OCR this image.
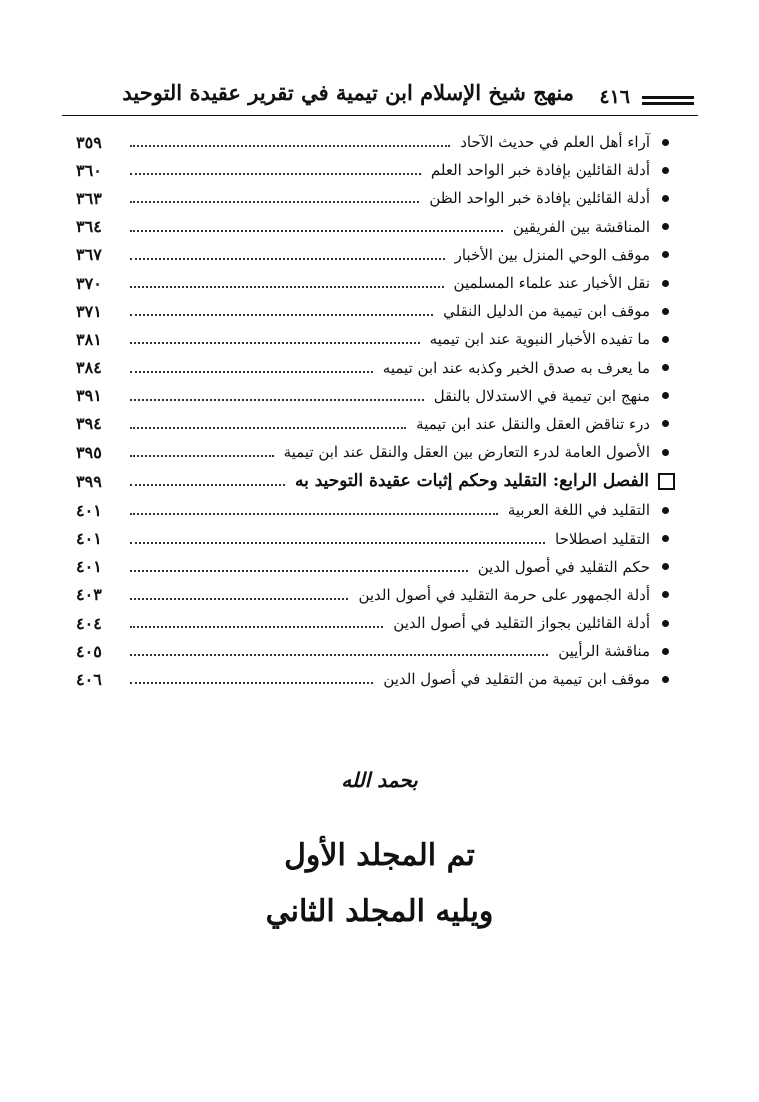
منهج شيخ الإسلام ابن تيمية في تقرير عقيدة التوحيد ٤١٦
آراء أهل العلم في حديث الآحاد
٣٥٩
أدلة القائلين بإفادة خبر الواحد العلم
٣٦٠
أدلة القائلين بإفادة خبر الواحد الظن
٣٦٣
المناقشة بين الفريقين
٣٦٤
موقف الوحي المنزل بين الأخبار
٣٦٧
نقل الأخبار عند علماء المسلمين
٣٧٠
موقف ابن تيمية من الدليل النقلي
٣٧١
ما تفيده الأخبار النبوية عند ابن تيميه
٣٨١
ما يعرف به صدق الخبر وكذبه عند ابن تيميه
٣٨٤
منهج ابن تيمية في الاستدلال بالنقل
٣٩١
درء تناقض العقل والنقل عند ابن تيمية
٣٩٤
الأصول العامة لدرء التعارض بين العقل والنقل عند ابن تيمية
٣٩٥
الفصل الرابع: التقليد وحكم إثبات عقيدة التوحيد به
٣٩٩
التقليد في اللغة العربية
٤٠١
التقليد اصطلاحا
٤٠١
حكم التقليد في أصول الدين
٤٠١
أدلة الجمهور على حرمة التقليد في أصول الدين
٤٠٣
أدلة القائلين بجواز التقليد في أصول الدين
٤٠٤
مناقشة الرأيين
٤٠٥
موقف ابن تيمية من التقليد في أصول الدين
٤٠٦
بحمد الله
تم المجلد الأول
ويليه المجلد الثاني
